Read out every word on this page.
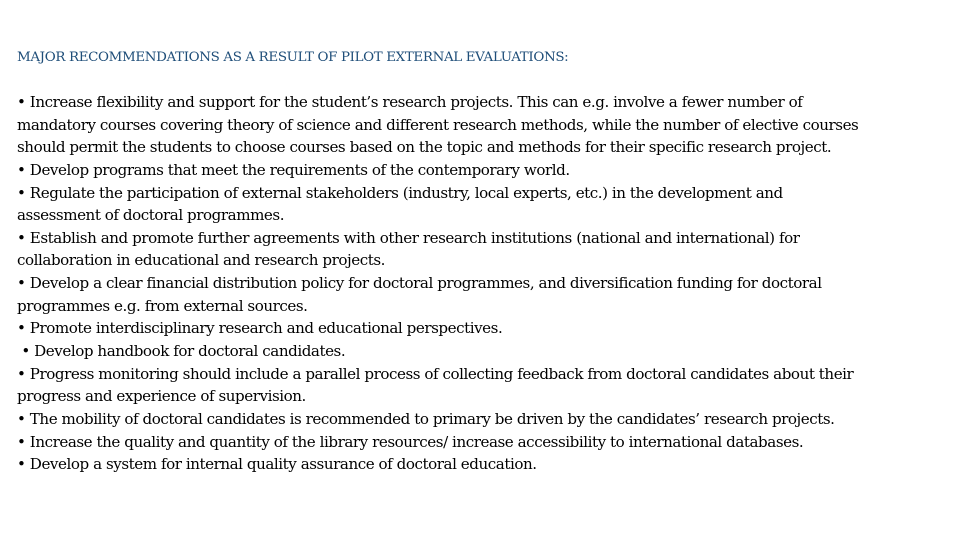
MAJOR RECOMMENDATIONS AS A RESULT OF PILOT EXTERNAL EVALUATIONS:
• Increase flexibility and support for the student’s research projects. This can e.g. involve a fewer number of
mandatory courses covering theory of science and different research methods, while the number of elective courses
should permit the students to choose courses based on the topic and methods for their specific research project.
• Develop programs that meet the requirements of the contemporary world.
• Regulate the participation of external stakeholders (industry, local experts, etc.) in the development and
assessment of doctoral programmes.
• Establish and promote further agreements with other research institutions (national and international) for
collaboration in educational and research projects.
• Develop a clear financial distribution policy for doctoral programmes, and diversification funding for doctoral
programmes e.g. from external sources.
• Promote interdisciplinary research and educational perspectives.
• Develop handbook for doctoral candidates.
• Progress monitoring should include a parallel process of collecting feedback from doctoral candidates about their
progress and experience of supervision.
• The mobility of doctoral candidates is recommended to primary be driven by the candidates’ research projects.
• Increase the quality and quantity of the library resources/ increase accessibility to international databases.
• Develop a system for internal quality assurance of doctoral education.
